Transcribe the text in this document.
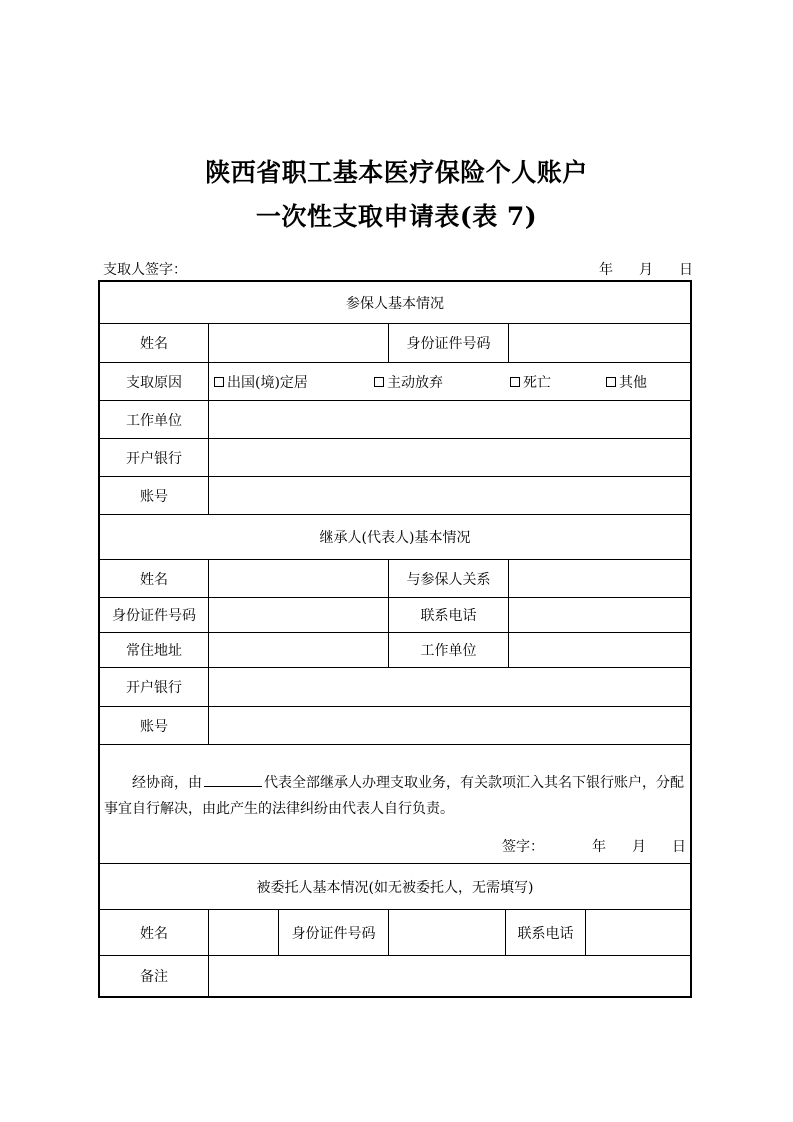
陕西省职工基本医疗保险个人账户
一次性支取申请表(表 7)
支取人签字：	年 月 日
参保人基本情况
姓名	身份证件号码
支取原因	出国(境)定居	主动放弃	死亡	其他
工作单位
开户银行
账号
继承人(代表人)基本情况
姓名	与参保人关系
身份证件号码	联系电话
常住地址	工作单位
开户银行
账号
经协商，由	代表全部继承人办理支取业务，有关款项汇入其名下银行账户，分配事宜自行解决，由此产生的法律纠纷由代表人自行负责。
签字：	年 月 日
被委托人基本情况(如无被委托人，无需填写)
姓名	身份证件号码	联系电话
备注
